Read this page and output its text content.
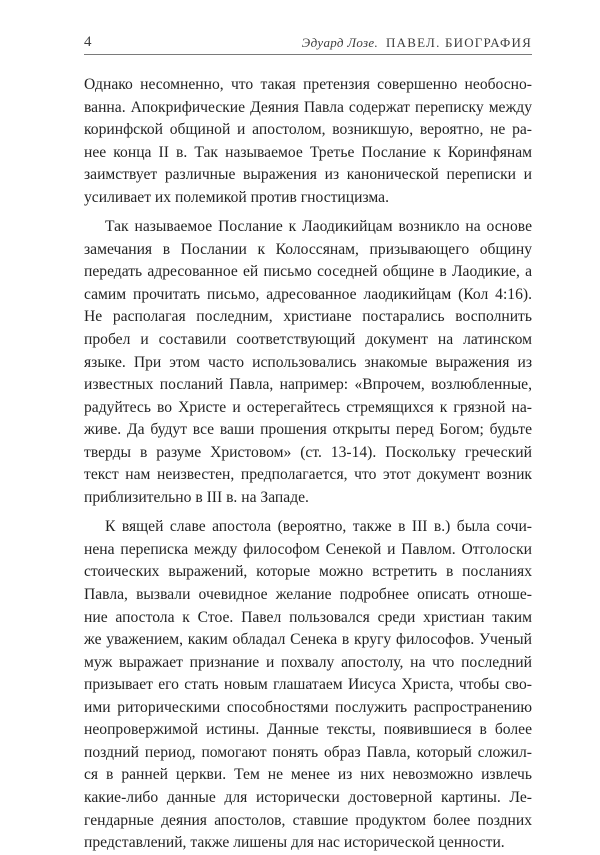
4	Эдуард Лозе. ПАВЕЛ. БИОГРАФИЯ
Однако несомненно, что такая претензия совершенно необосно-
ванна. Апокрифические Деяния Павла содержат переписку между
коринфской общиной и апостолом, возникшую, вероятно, не ра-
нее конца II в. Так называемое Третье Послание к Коринфянам
заимствует различные выражения из канонической переписки и
усиливает их полемикой против гностицизма.
Так называемое Послание к Лаодикийцам возникло на основе
замечания в Послании к Колоссянам, призывающего общину
передать адресованное ей письмо соседней общине в Лаодикие, а
самим прочитать письмо, адресованное лаодикийцам (Кол 4:16).
Не располагая последним, христиане постарались восполнить
пробел и составили соответствующий документ на латинском
языке. При этом часто использовались знакомые выражения из
известных посланий Павла, например: «Впрочем, возлюбленные,
радуйтесь во Христе и остерегайтесь стремящихся к грязной на-
живе. Да будут все ваши прошения открыты перед Богом; будьте
тверды в разуме Христовом» (ст. 13-14). Поскольку греческий
текст нам неизвестен, предполагается, что этот документ возник
приблизительно в III в. на Западе.
К вящей славе апостола (вероятно, также в III в.) была сочи-
нена переписка между философом Сенекой и Павлом. Отголоски
стоических выражений, которые можно встретить в посланиях
Павла, вызвали очевидное желание подробнее описать отноше-
ние апостола к Стое. Павел пользовался среди христиан таким
же уважением, каким обладал Сенека в кругу философов. Ученый
муж выражает признание и похвалу апостолу, на что последний
призывает его стать новым глашатаем Иисуса Христа, чтобы сво-
ими риторическими способностями послужить распространению
неопровержимой истины. Данные тексты, появившиеся в более
поздний период, помогают понять образ Павла, который сложил-
ся в ранней церкви. Тем не менее из них невозможно извлечь
какие-либо данные для исторически достоверной картины. Ле-
гендарные деяния апостолов, ставшие продуктом более поздних
представлений, также лишены для нас исторической ценности.
